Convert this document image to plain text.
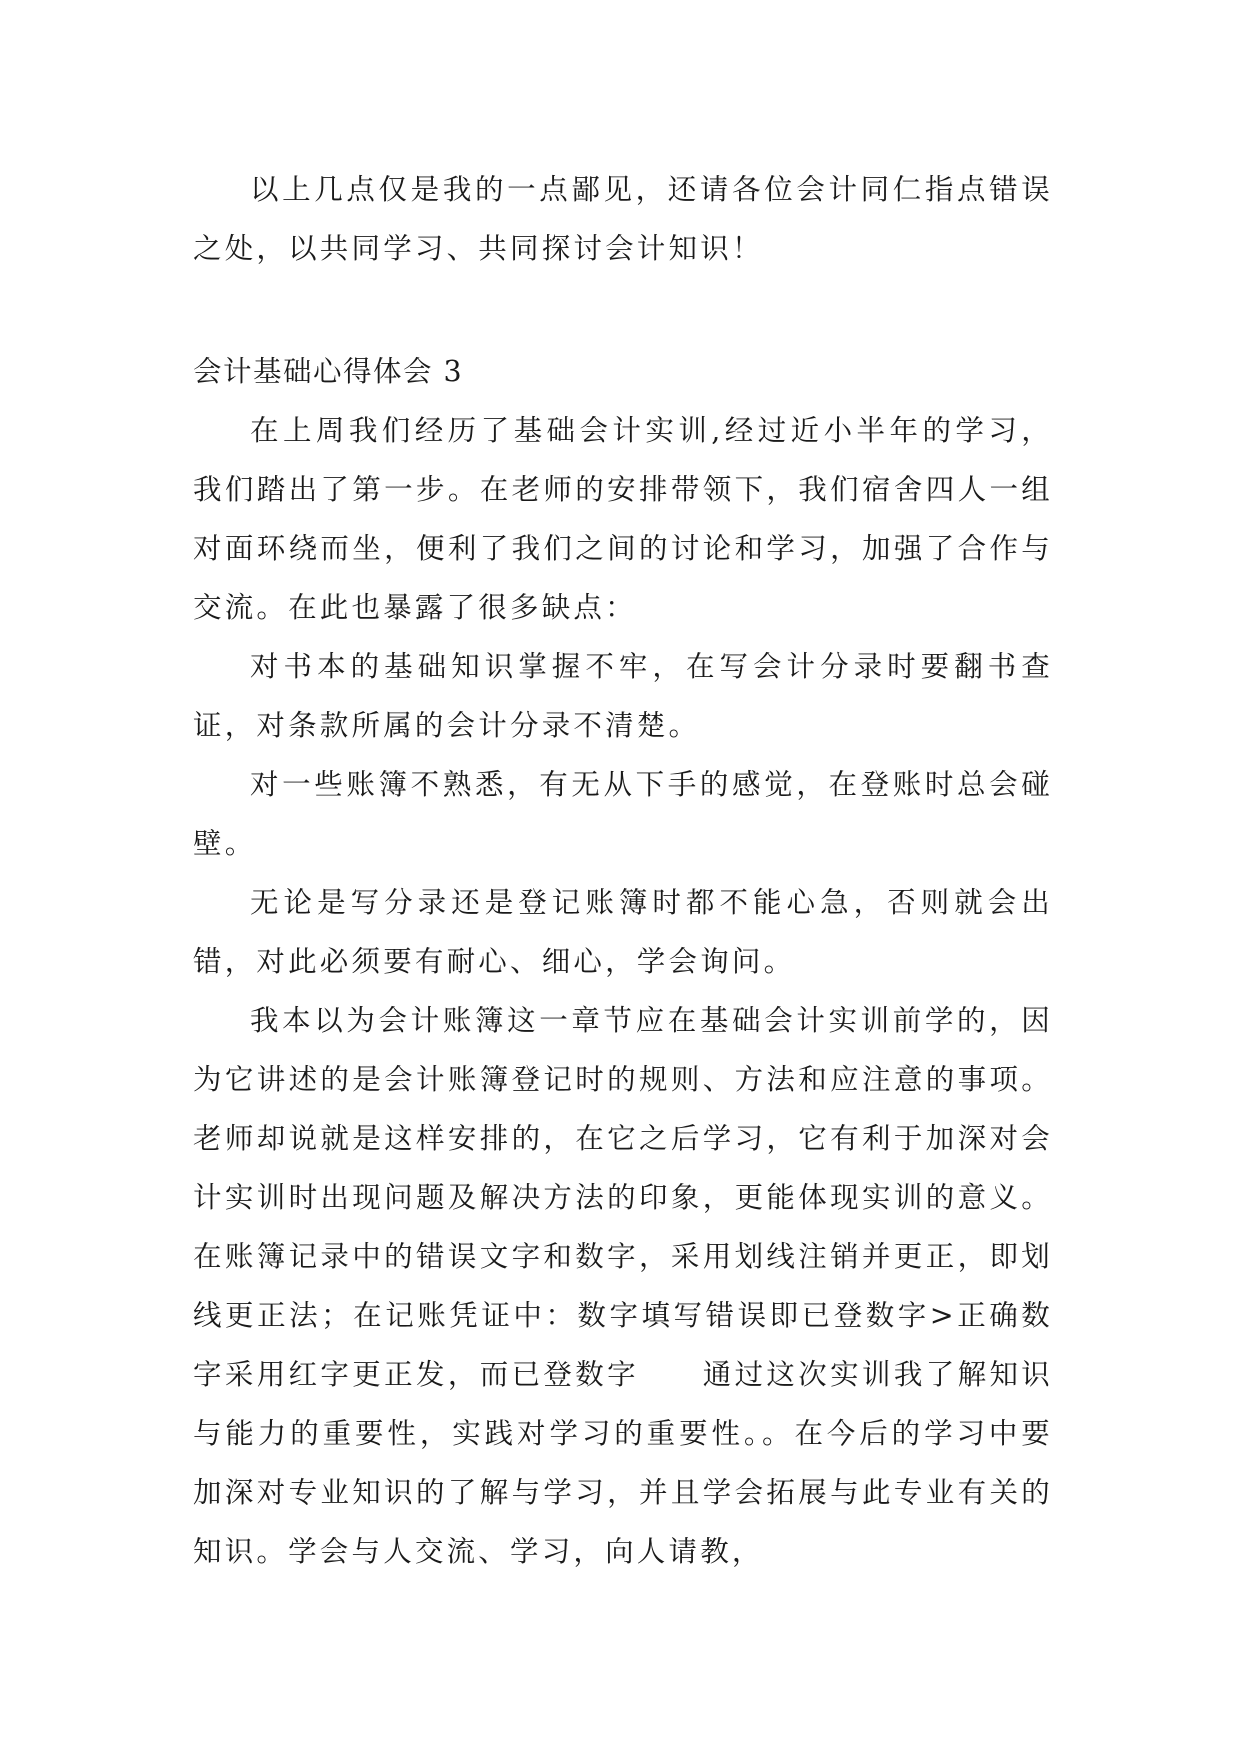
以上几点仅是我的一点鄙见，还请各位会计同仁指点错误之处，以共同学习、共同探讨会计知识！

会计基础心得体会 3

在上周我们经历了基础会计实训,经过近小半年的学习，我们踏出了第一步。在老师的安排带领下，我们宿舍四人一组对面环绕而坐，便利了我们之间的讨论和学习，加强了合作与交流。在此也暴露了很多缺点：

对书本的基础知识掌握不牢，在写会计分录时要翻书查证，对条款所属的会计分录不清楚。

对一些账簿不熟悉，有无从下手的感觉，在登账时总会碰壁。

无论是写分录还是登记账簿时都不能心急，否则就会出错，对此必须要有耐心、细心，学会询问。

我本以为会计账簿这一章节应在基础会计实训前学的，因为它讲述的是会计账簿登记时的规则、方法和应注意的事项。老师却说就是这样安排的，在它之后学习，它有利于加深对会计实训时出现问题及解决方法的印象，更能体现实训的意义。在账簿记录中的错误文字和数字，采用划线注销并更正，即划线更正法；在记账凭证中：数字填写错误即已登数字>正确数字采用红字更正发，而已登数字　　通过这次实训我了解知识与能力的重要性，实践对学习的重要性。。在今后的学习中要加深对专业知识的了解与学习，并且学会拓展与此专业有关的知识。学会与人交流、学习，向人请教，
